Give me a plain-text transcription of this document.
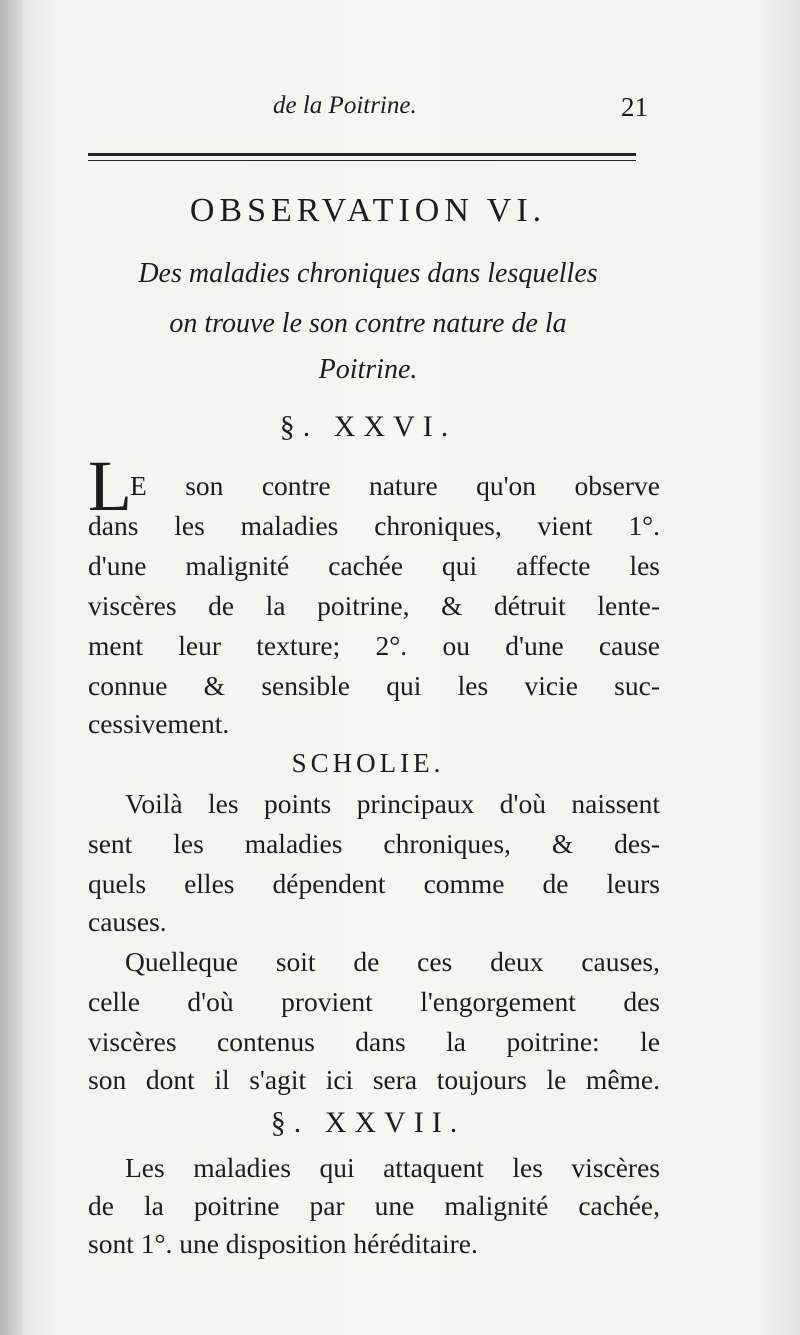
de la Poitrine.	21
OBSERVATION VI.
Des maladies chroniques dans lesquelles
on trouve le son contre nature de la
Poitrine.
§. XXVI.
L
E son contre nature qu'on observe
dans les maladies chroniques, vient 1°.
d'une malignité cachée qui affecte les
viscères de la poitrine, & détruit lente-
ment leur texture; 2°. ou d'une cause
connue & sensible qui les vicie suc-
cessivement.
SCHOLIE.
Voilà les points principaux d'où naissent
sent les maladies chroniques, & des-
quels elles dépendent comme de leurs
causes.
Quelleque soit de ces deux causes,
celle d'où provient l'engorgement des
viscères contenus dans la poitrine: le
son dont il s'agit ici sera toujours le même.
§. XXVII.
Les maladies qui attaquent les viscères
de la poitrine par une malignité cachée,
sont 1°. une disposition héréditaire.
